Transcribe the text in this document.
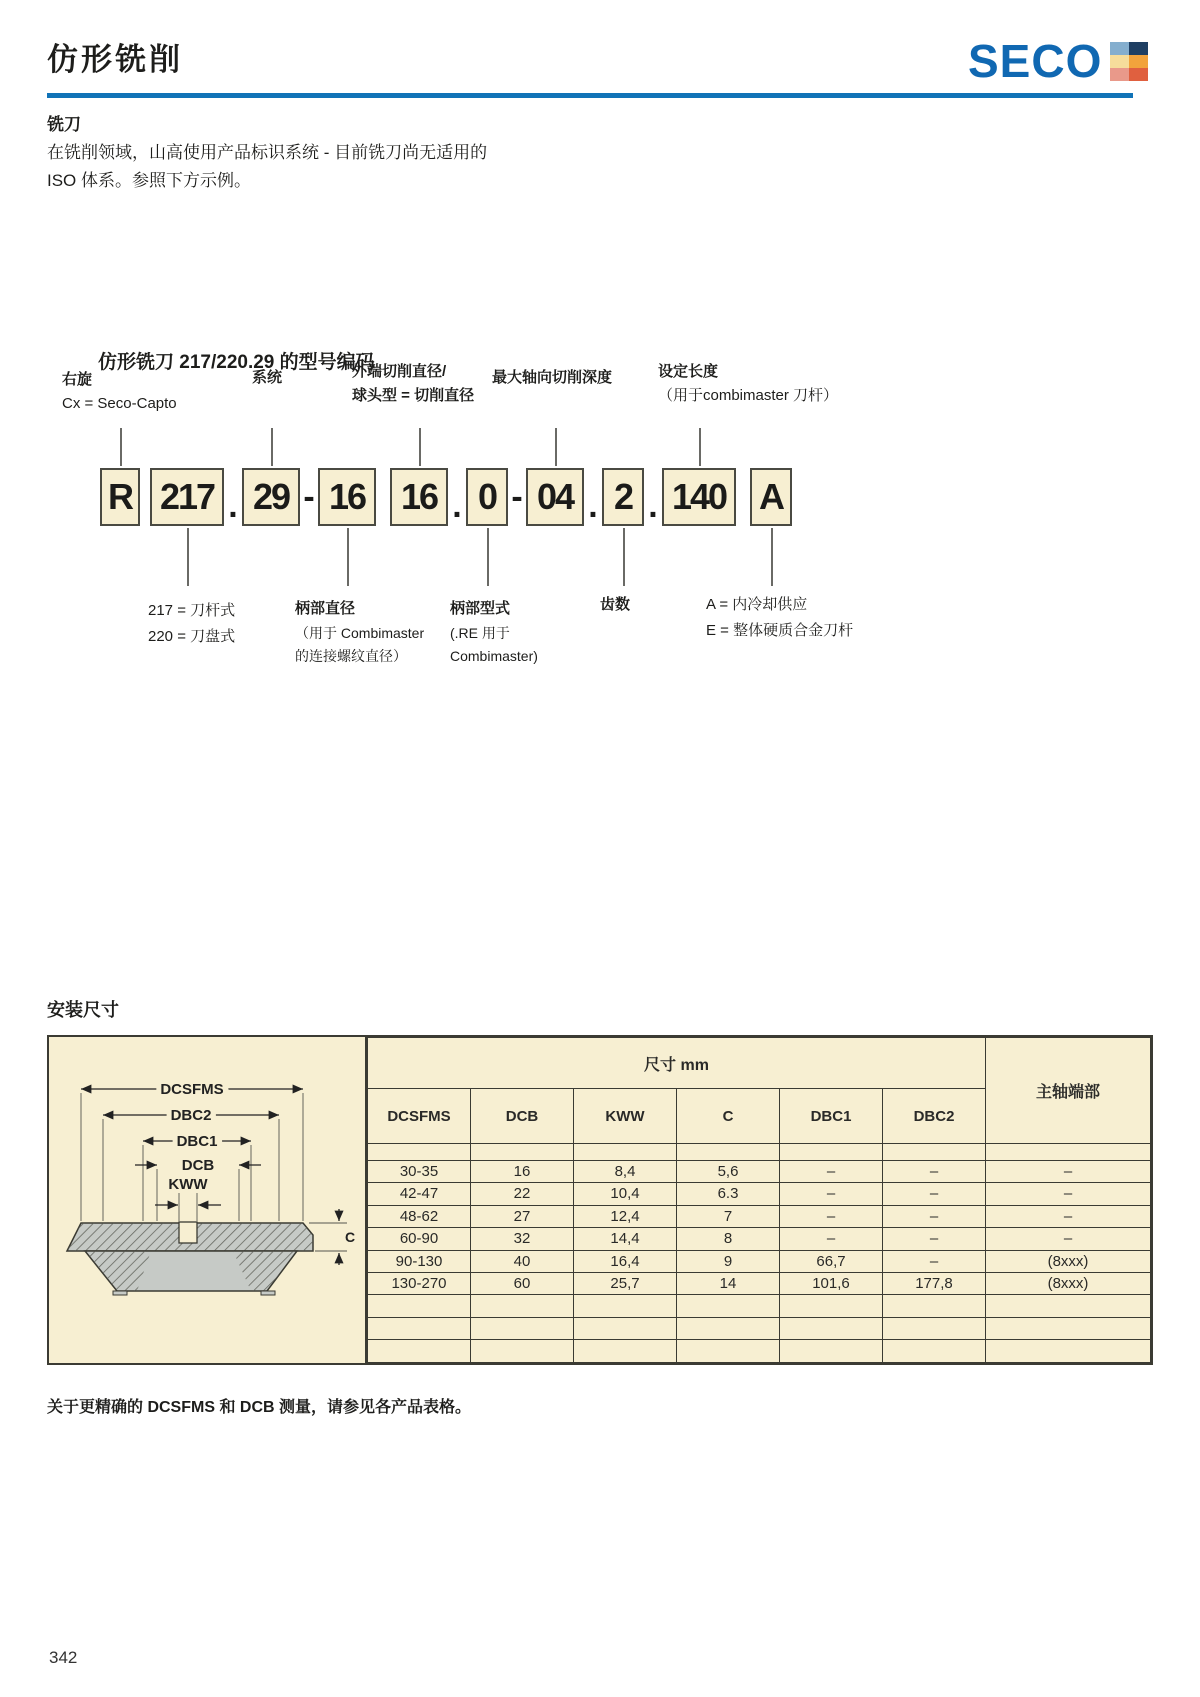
仿形铣削	SECO
铣刀
在铣削领域，山高使用产品标识系统 - 目前铣刀尚无适用的
ISO 体系。参照下方示例。
仿形铣刀 217/220.29 的型号编码
右旋
Cx = Seco-Capto
系统	外端切削直径/
球头型 = 切削直径
最大轴向切削深度	设定长度
（用于combimaster 刀杆）
R 217 . 29 - 16 16 . 0 - 04 . 2 . 140 A
217 = 刀杆式
220 = 刀盘式
柄部直径
（用于 Combimaster
的连接螺纹直径）
柄部型式
(.RE 用于
Combimaster)
齿数	A = 内冷却供应
E = 整体硬质合金刀杆
安装尺寸
DCSFMS
DBC2
DBC1
DCB
KWW
C
尺寸 mm						主轴端部
DCSFMS	DCB	KWW	C	DBC1	DBC2	

30-35	16	8,4	5,6	–	–	–
42-47	22	10,4	6.3	–	–	–
48-62	27	12,4	7	–	–	–
60-90	32	14,4	8	–	–	–
90-130	40	16,4	9	66,7	–	(8xxx)
130-270	60	25,7	14	101,6	177,8	(8xxx)

关于更精确的 DCSFMS 和 DCB 测量，请参见各产品表格。
342
